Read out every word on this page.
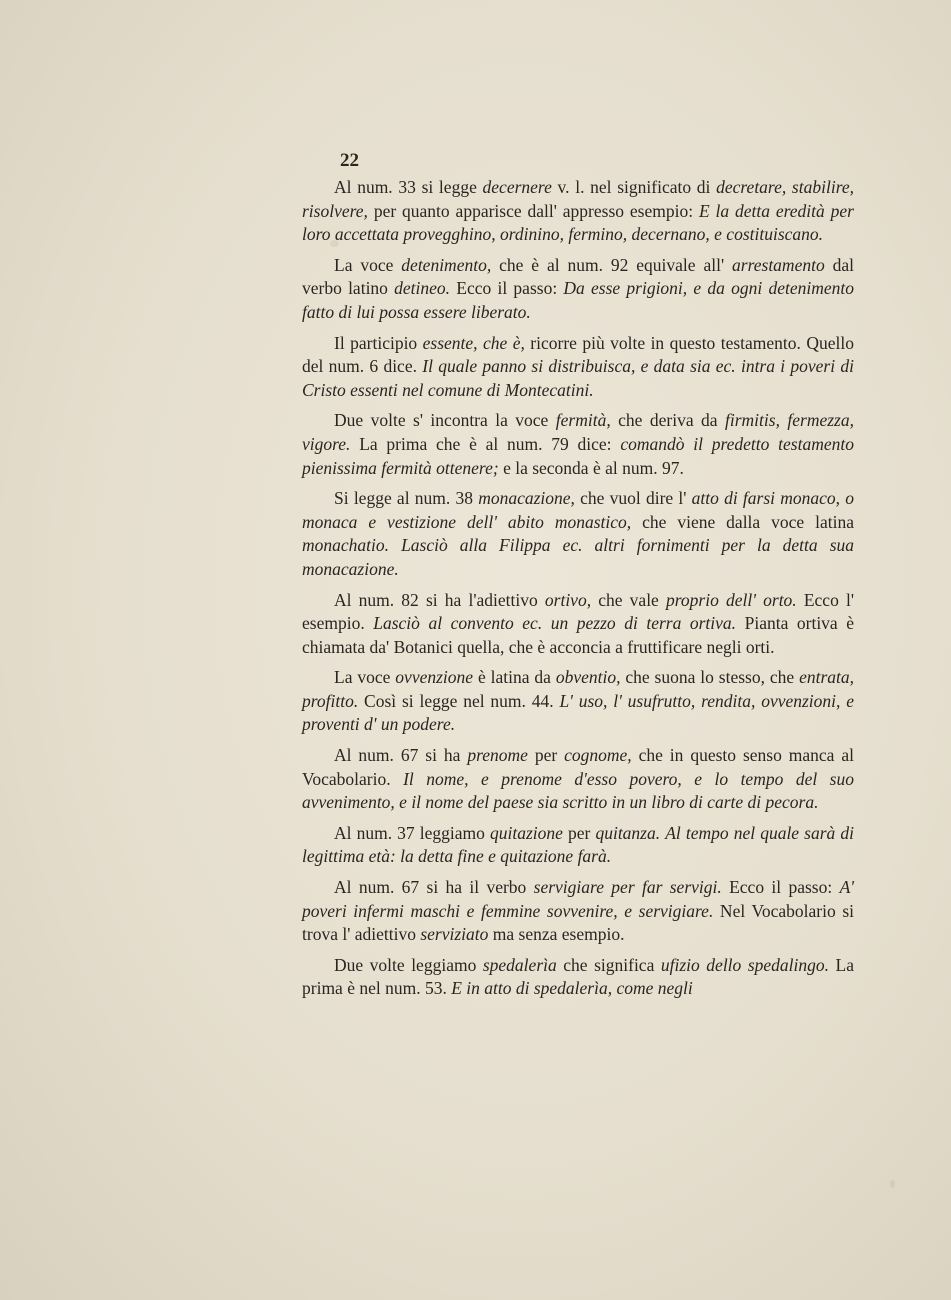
22

Al num. 33 si legge decernere v. l. nel significato di decretare, stabilire, risolvere, per quanto apparisce dall' appresso esempio: E la detta eredità per loro accettata provegghino, ordinino, fermino, decernano, e costituiscano.

La voce detenimento, che è al num. 92 equivale all' arrestamento dal verbo latino detineo. Ecco il passo: Da esse prigioni, e da ogni detenimento fatto di lui possa essere liberato.

Il participio essente, che è, ricorre più volte in questo testamento. Quello del num. 6 dice. Il quale panno si distribuisca, e data sia ec. intra i poveri di Cristo essenti nel comune di Montecatini.

Due volte s' incontra la voce fermità, che deriva da firmitis, fermezza, vigore. La prima che è al num. 79 dice: comandò il predetto testamento pienissima fermità ottenere; e la seconda è al num. 97.

Si legge al num. 38 monacazione, che vuol dire l' atto di farsi monaco, o monaca e vestizione dell' abito monastico, che viene dalla voce latina monachatio. Lasciò alla Filippa ec. altri fornimenti per la detta sua monacazione.

Al num. 82 si ha l'adiettivo ortivo, che vale proprio dell' orto. Ecco l' esempio. Lasciò al convento ec. un pezzo di terra ortiva. Pianta ortiva è chiamata da' Botanici quella, che è acconcia a fruttificare negli orti.

La voce ovvenzione è latina da obventio, che suona lo stesso, che entrata, profitto. Così si legge nel num. 44. L' uso, l' usufrutto, rendita, ovvenzioni, e proventi d' un podere.

Al num. 67 si ha prenome per cognome, che in questo senso manca al Vocabolario. Il nome, e prenome d'esso povero, e lo tempo del suo avvenimento, e il nome del paese sia scritto in un libro di carte di pecora.

Al num. 37 leggiamo quitazione per quitanza. Al tempo nel quale sarà di legittima età: la detta fine e quitazione farà.

Al num. 67 si ha il verbo servigiare per far servigi. Ecco il passo: A' poveri infermi maschi e femmine sovvenire, e servigiare. Nel Vocabolario si trova l' adiettivo serviziato ma senza esempio.

Due volte leggiamo spedalerìa che significa ufizio dello spedalingo. La prima è nel num. 53. E in atto di spedalerìa, come negli
